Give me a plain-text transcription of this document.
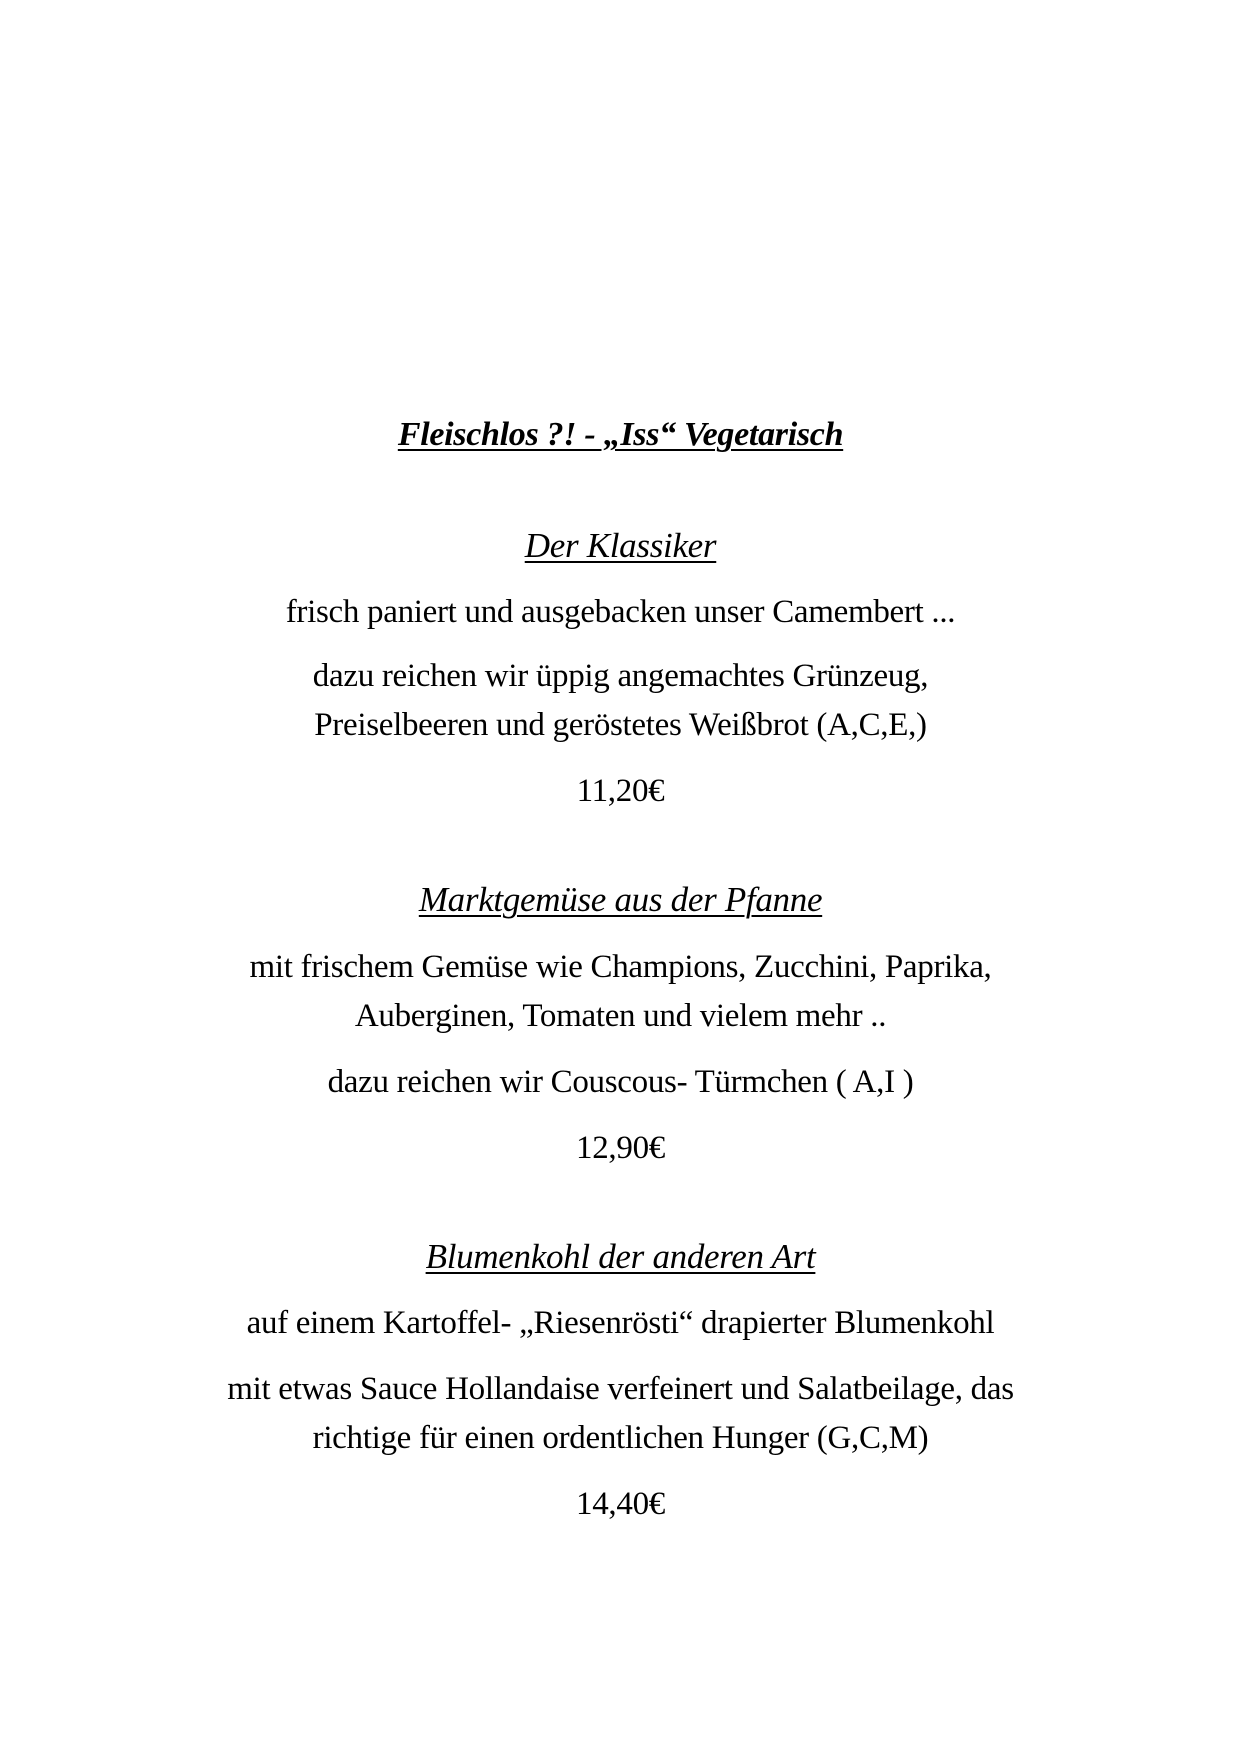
Fleischlos ?! - „Iss“ Vegetarisch
Der Klassiker
frisch paniert und ausgebacken unser Camembert ...
dazu reichen wir üppig angemachtes Grünzeug,
Preiselbeeren und geröstetes Weißbrot (A,C,E,)
11,20€
Marktgemüse aus der Pfanne
mit frischem Gemüse wie Champions, Zucchini, Paprika,
Auberginen, Tomaten und vielem mehr ..
dazu reichen wir Couscous- Türmchen ( A,I )
12,90€
Blumenkohl der anderen Art
auf einem Kartoffel- „Riesenrösti“ drapierter Blumenkohl
mit etwas Sauce Hollandaise verfeinert und Salatbeilage, das
richtige für einen ordentlichen Hunger (G,C,M)
14,40€
